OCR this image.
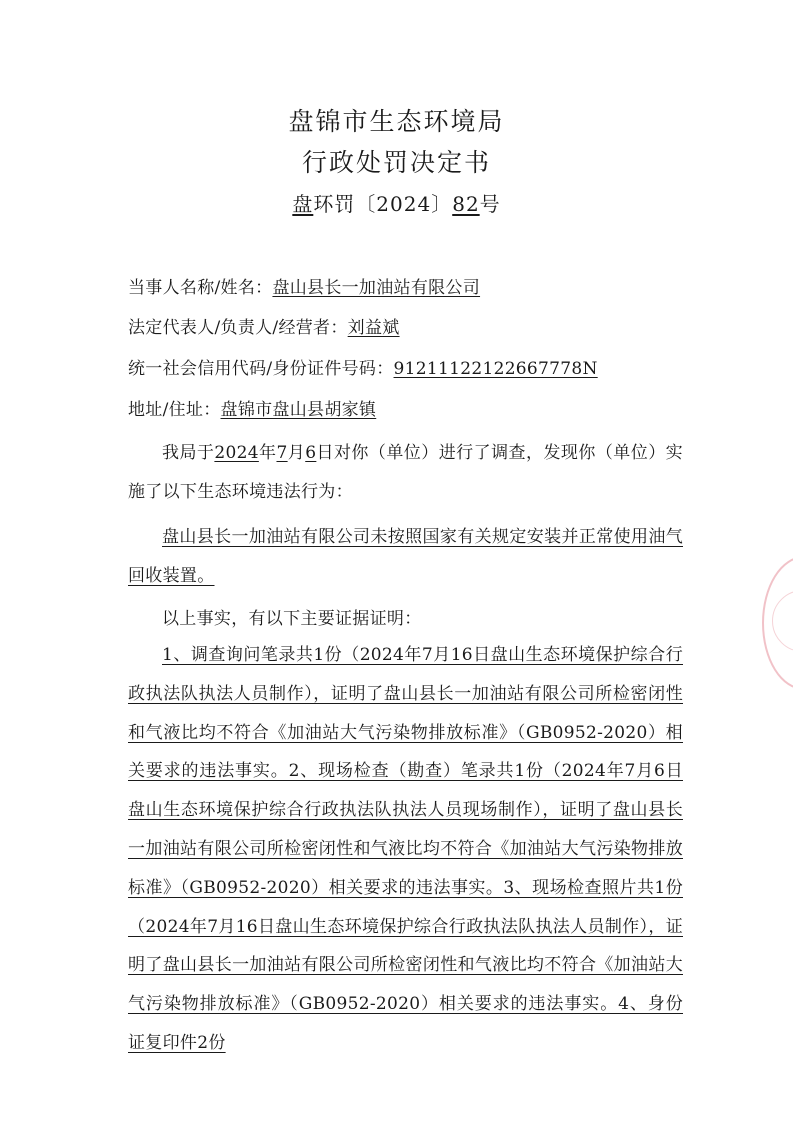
盘锦市生态环境局
行政处罚决定书
盘环罚〔2024〕82号
当事人名称/姓名：盘山县长一加油站有限公司
法定代表人/负责人/经营者：刘益斌
统一社会信用代码/身份证件号码：91211122122667778N
地址/住址：盘锦市盘山县胡家镇
我局于2024年7月6日对你（单位）进行了调查，发现你（单位）实施了以下生态环境违法行为：
盘山县长一加油站有限公司未按照国家有关规定安装并正常使用油气回收装置。
以上事实，有以下主要证据证明：
1、调查询问笔录共1份（2024年7月16日盘山生态环境保护综合行政执法队执法人员制作），证明了盘山县长一加油站有限公司所检密闭性和气液比均不符合《加油站大气污染物排放标准》（GB0952-2020）相关要求的违法事实。2、现场检查（勘查）笔录共1份（2024年7月6日盘山生态环境保护综合行政执法队执法人员现场制作），证明了盘山县长一加油站有限公司所检密闭性和气液比均不符合《加油站大气污染物排放标准》（GB0952-2020）相关要求的违法事实。3、现场检查照片共1份（2024年7月16日盘山生态环境保护综合行政执法队执法人员制作），证明了盘山县长一加油站有限公司所检密闭性和气液比均不符合《加油站大气污染物排放标准》（GB0952-2020）相关要求的违法事实。4、身份证复印件2份
